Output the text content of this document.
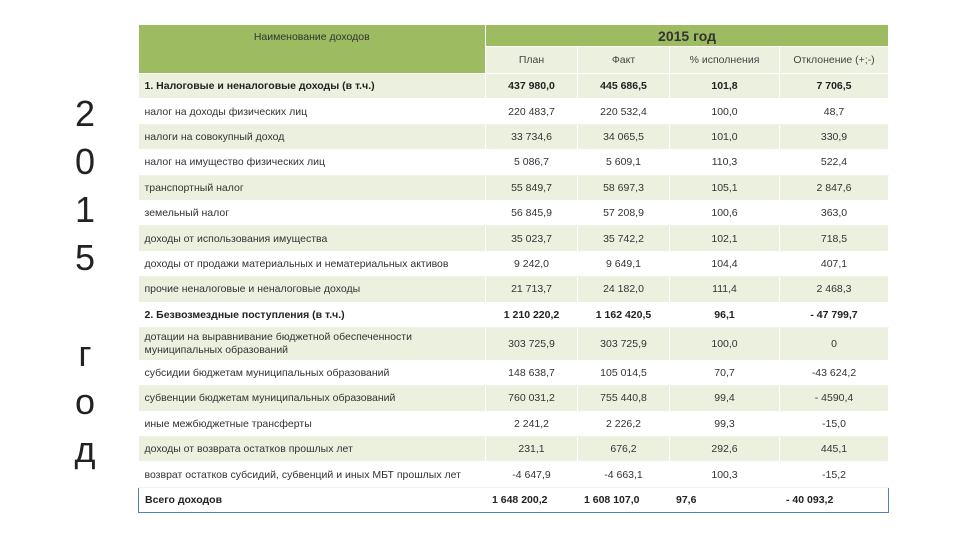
2
0
1
5
г
о
д
Наименование доходов	2015 год			
	План	Факт	% исполнения	Отклонение (+;-)
1. Налоговые и неналоговые доходы (в т.ч.)	437 980,0	445 686,5	101,8	7 706,5
налог на доходы физических лиц	220 483,7	220 532,4	100,0	48,7
налоги на совокупный доход	33 734,6	34 065,5	101,0	330,9
налог на имущество физических лиц	5 086,7	5 609,1	110,3	522,4
транспортный налог	55 849,7	58 697,3	105,1	2 847,6
земельный налог	56 845,9	57 208,9	100,6	363,0
доходы от использования имущества	35 023,7	35 742,2	102,1	718,5
доходы от продажи материальных и нематериальных активов	9 242,0	9 649,1	104,4	407,1
прочие неналоговые и неналоговые доходы	21 713,7	24 182,0	111,4	2 468,3
2. Безвозмездные поступления (в т.ч.)	1 210 220,2	1 162 420,5	96,1	- 47 799,7
дотации на выравнивание бюджетной обеспеченности муниципальных образований	303 725,9	303 725,9	100,0	0
субсидии бюджетам муниципальных образований	148 638,7	105 014,5	70,7	-43 624,2
субвенции бюджетам муниципальных образований	760 031,2	755 440,8	99,4	- 4590,4
иные межбюджетные трансферты	2 241,2	2 226,2	99,3	-15,0
доходы от возврата остатков прошлых лет	231,1	676,2	292,6	445,1
возврат остатков субсидий, субвенций и иных МБТ прошлых лет	-4 647,9	-4 663,1	100,3	-15,2
Всего доходов	1 648 200,2	1 608 107,0	97,6	- 40 093,2
